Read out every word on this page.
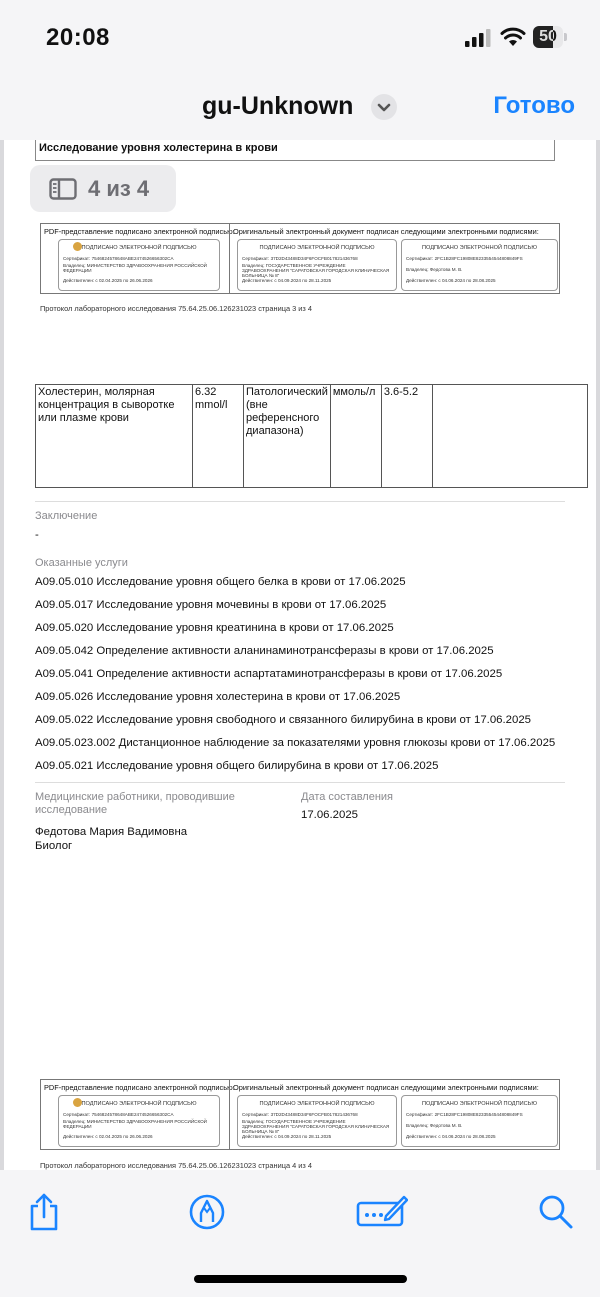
20:08	50
gu-Unknown	Готово
Исследование уровня холестерина в крови
PDF-представление подписано электронной подписью:
Оригинальный электронный документ подписан следующими электронными подписями:
ПОДПИСАНО ЭЛЕКТРОННОЙ ПОДПИСЬЮ
Сертификат: 7546824578648ABE2474526656302CA
Владелец: МИНИСТЕРСТВО ЗДРАВООХРАНЕНИЯ РОССИЙСКОЙ ФЕДЕРАЦИИ
Действителен: с 02.04.2025 по 26.06.2026
ПОДПИСАНО ЭЛЕКТРОННОЙ ПОДПИСЬЮ
Сертификат: 37D2D43488D34F6FOCFB017821436768
Владелец: ГОСУДАРСТВЕННОЕ УЧРЕЖДЕНИЕ ЗДРАВООХРАНЕНИЯ "САРАТОВСКАЯ ГОРОДСКАЯ КЛИНИЧЕСКАЯ БОЛЬНИЦА № 8"
Действителен: с 04.09.2024 по 28.11.2025
ПОДПИСАНО ЭЛЕКТРОННОЙ ПОДПИСЬЮ
Сертификат: 2FC1B28FC19808E8233554544808849FS
Владелец: Федотова М. В.
Действителен: с 04.06.2024 по 28.08.2025
Протокол лабораторного исследования 75.64.25.06.126231023 страница 3 из 4
Холестерин, молярная концентрация в сыворотке или плазме крови	6.32 mmol/l	Патологический (вне референсного диапазона)	ммоль/л	3.6-5.2	
Заключение
-
Оказанные услуги
A09.05.010 Исследование уровня общего белка в крови от 17.06.2025
A09.05.017 Исследование уровня мочевины в крови от 17.06.2025
A09.05.020 Исследование уровня креатинина в крови от 17.06.2025
A09.05.042 Определение активности аланинаминотрансферазы в крови от 17.06.2025
A09.05.041 Определение активности аспартатаминотрансферазы в крови от 17.06.2025
A09.05.026 Исследование уровня холестерина в крови от 17.06.2025
A09.05.022 Исследование уровня свободного и связанного билирубина в крови от 17.06.2025
A09.05.023.002 Дистанционное наблюдение за показателями уровня глюкозы крови от 17.06.2025
A09.05.021 Исследование уровня общего билирубина в крови от 17.06.2025
Медицинские работники, проводившие
исследование
Дата составления
17.06.2025
Федотова Мария Вадимовна
Биолог
PDF-представление подписано электронной подписью:
Оригинальный электронный документ подписан следующими электронными подписями:
ПОДПИСАНО ЭЛЕКТРОННОЙ ПОДПИСЬЮ
Сертификат: 7546824578648ABE2474526656302CA
Владелец: МИНИСТЕРСТВО ЗДРАВООХРАНЕНИЯ РОССИЙСКОЙ ФЕДЕРАЦИИ
Действителен: с 02.04.2025 по 26.06.2026
ПОДПИСАНО ЭЛЕКТРОННОЙ ПОДПИСЬЮ
Сертификат: 37D2D43488D34F6FOCFB017821436768
Владелец: ГОСУДАРСТВЕННОЕ УЧРЕЖДЕНИЕ ЗДРАВООХРАНЕНИЯ "САРАТОВСКАЯ ГОРОДСКАЯ КЛИНИЧЕСКАЯ БОЛЬНИЦА № 8"
Действителен: с 04.09.2024 по 28.11.2025
ПОДПИСАНО ЭЛЕКТРОННОЙ ПОДПИСЬЮ
Сертификат: 2FC1B28FC19808E8233554544808849FS
Владелец: Федотова М. В.
Действителен: с 04.06.2024 по 28.08.2025
Протокол лабораторного исследования 75.64.25.06.126231023 страница 4 из 4
4 из 4
